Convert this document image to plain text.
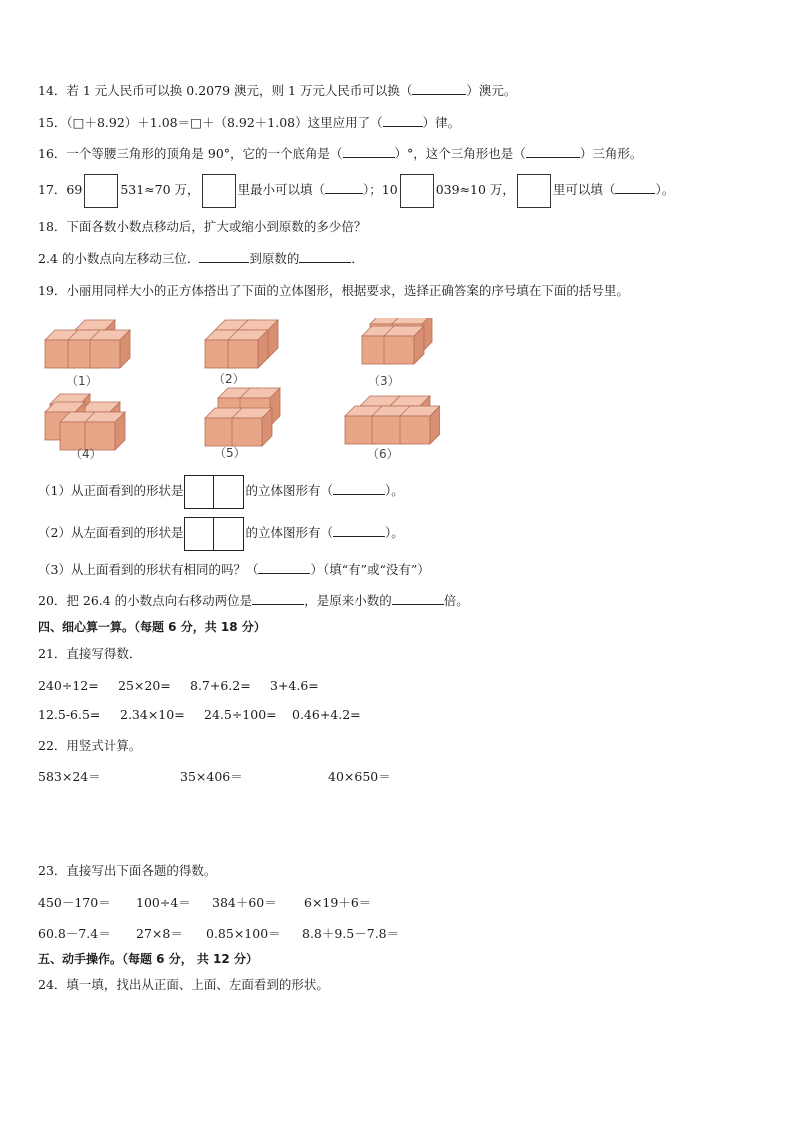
14．若 1 元人民币可以换 0.2079 澳元，则 1 万元人民币可以换（	）澳元。
15．（□＋8.92）＋1.08＝□＋（8.92＋1.08）这里应用了（	）律。
16．一个等腰三角形的顶角是 90°，它的一个底角是（	）°，这个三角形也是（	）三角形。
17．69	531≈70 万，	里最小可以填（	）；10	039≈10 万，	里可以填（	）。
18．下面各数小数点移动后，扩大或缩小到原数的多少倍？
2.4 的小数点向左移动三位．	到原数的	．
19．小丽用同样大小的正方体搭出了下面的立体图形，根据要求，选择正确答案的序号填在下面的括号里。
（1）	（2）	（3）
（4）	（5）	（6）
（1）从正面看到的形状是	的立体图形有（	）。
（2）从左面看到的形状是	的立体图形有（	）。
（3）从上面看到的形状有相同的吗？（	）（填“有”或“没有”）
20．把 26.4 的小数点向右移动两位是	，是原来小数的	倍。
四、细心算一算。（每题 6 分，共 18 分）
21．直接写得数．
240÷12= 25×20= 8.7+6.2= 3+4.6=
12.5-6.5= 2.34×10= 24.5÷100= 0.46+4.2=
22．用竖式计算。
583×24＝	35×406＝	40×650＝
23．直接写出下面各题的得数。
450－170＝ 100÷4＝ 384＋60＝ 6×19＋6＝
60.8－7.4＝ 27×8＝ 0.85×100＝ 8.8＋9.5－7.8＝
五、动手操作。（每题 6 分， 共 12 分）
24．填一填，找出从正面、上面、左面看到的形状。
